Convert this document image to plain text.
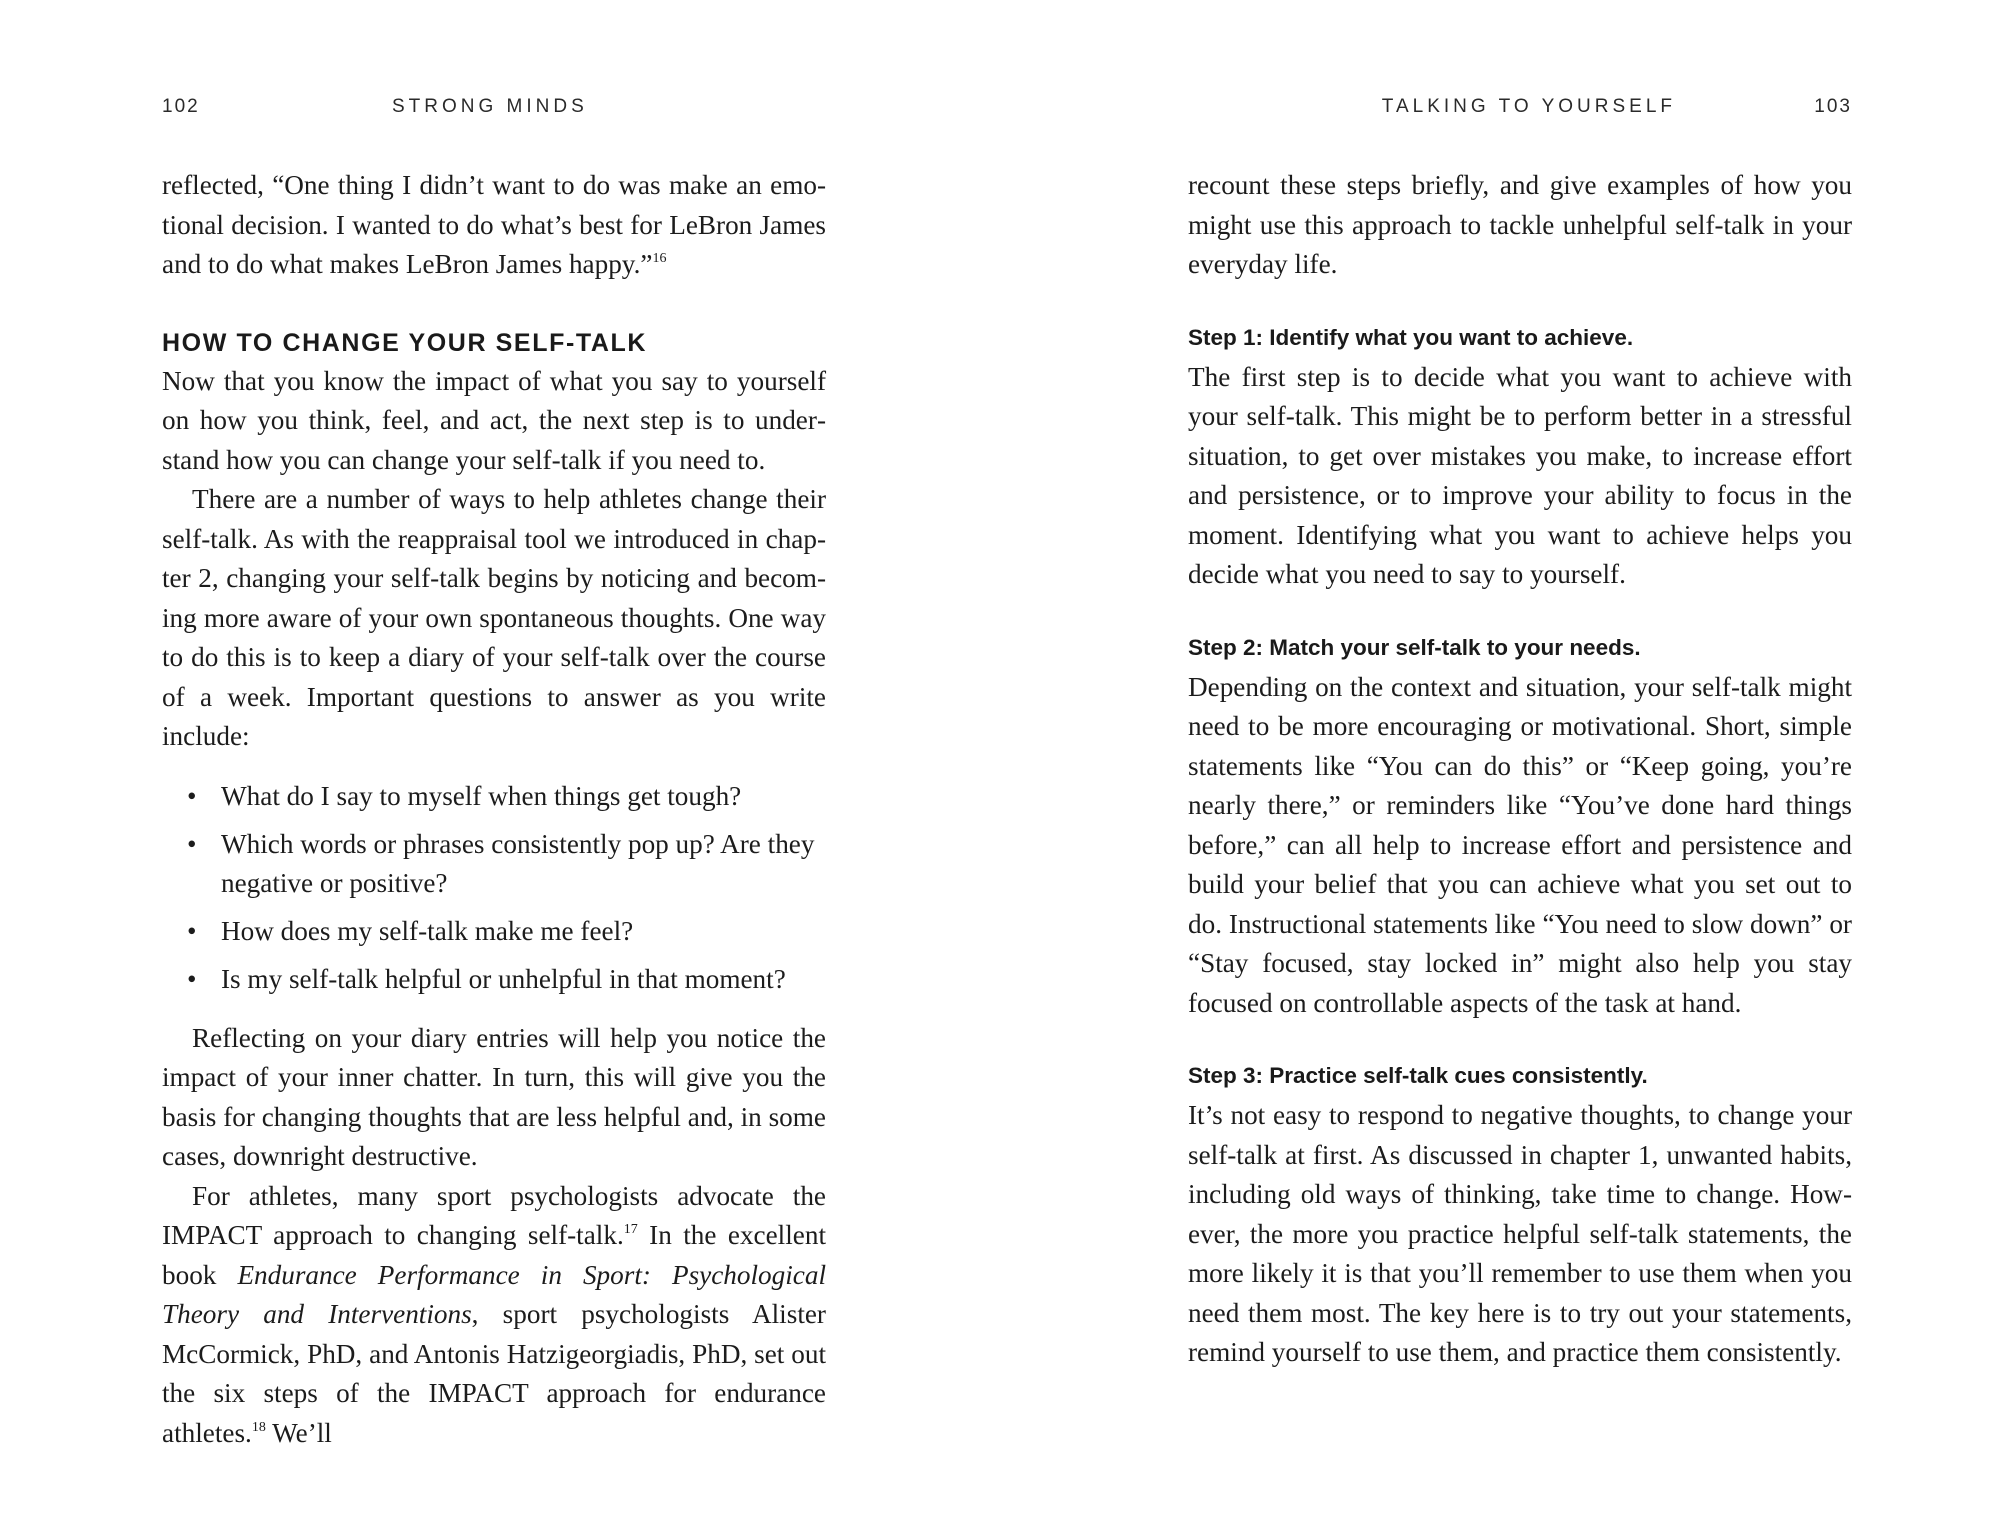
102	STRONG MINDS

reflected, “One thing I didn’t want to do was make an emotional decision. I wanted to do what’s best for LeBron James and to do what makes LeBron James happy.”$^{16}$

HOW TO CHANGE YOUR SELF-TALK

Now that you know the impact of what you say to yourself on how you think, feel, and act, the next step is to understand how you can change your self-talk if you need to.

There are a number of ways to help athletes change their self-talk. As with the reappraisal tool we introduced in chapter 2, changing your self-talk begins by noticing and becoming more aware of your own spontaneous thoughts. One way to do this is to keep a diary of your self-talk over the course of a week. Important questions to answer as you write include:

• What do I say to myself when things get tough?
• Which words or phrases consistently pop up? Are they negative or positive?
• How does my self-talk make me feel?
• Is my self-talk helpful or unhelpful in that moment?

Reflecting on your diary entries will help you notice the impact of your inner chatter. In turn, this will give you the basis for changing thoughts that are less helpful and, in some cases, downright destructive.

For athletes, many sport psychologists advocate the IMPACT approach to changing self-talk.$^{17}$ In the excellent book Endurance Performance in Sport: Psychological Theory and Interventions, sport psychologists Alister McCormick, PhD, and Antonis Hatzigeorgiadis, PhD, set out the six steps of the IMPACT approach for endurance athletes.$^{18}$ We’ll

TALKING TO YOURSELF	103

recount these steps briefly, and give examples of how you might use this approach to tackle unhelpful self-talk in your everyday life.

Step 1: Identify what you want to achieve.

The first step is to decide what you want to achieve with your self-talk. This might be to perform better in a stressful situation, to get over mistakes you make, to increase effort and persistence, or to improve your ability to focus in the moment. Identifying what you want to achieve helps you decide what you need to say to yourself.

Step 2: Match your self-talk to your needs.

Depending on the context and situation, your self-talk might need to be more encouraging or motivational. Short, simple statements like “You can do this” or “Keep going, you’re nearly there,” or reminders like “You’ve done hard things before,” can all help to increase effort and persistence and build your belief that you can achieve what you set out to do. Instructional statements like “You need to slow down” or “Stay focused, stay locked in” might also help you stay focused on controllable aspects of the task at hand.

Step 3: Practice self-talk cues consistently.

It’s not easy to respond to negative thoughts, to change your self-talk at first. As discussed in chapter 1, unwanted habits, including old ways of thinking, take time to change. However, the more you practice helpful self-talk statements, the more likely it is that you’ll remember to use them when you need them most. The key here is to try out your statements, remind yourself to use them, and practice them consistently.
